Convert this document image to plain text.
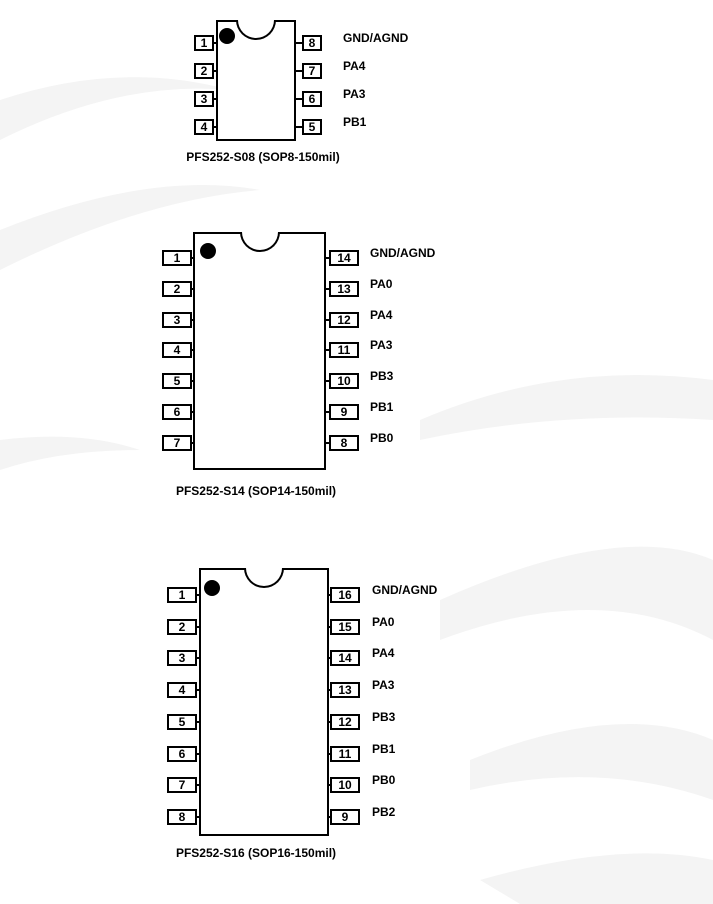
1
2
3
4
8	GND/AGND
7	PA4
6	PA3
5	PB1
PFS252-S08 (SOP8-150mil)
1
2
3
4
5
6
7
14	GND/AGND
13	PA0
12	PA4
11	PA3
10	PB3
9	PB1
8	PB0
PFS252-S14 (SOP14-150mil)
1
2
3
4
5
6
7
8
16	GND/AGND
15	PA0
14	PA4
13	PA3
12	PB3
11	PB1
10	PB0
9	PB2
PFS252-S16 (SOP16-150mil)
